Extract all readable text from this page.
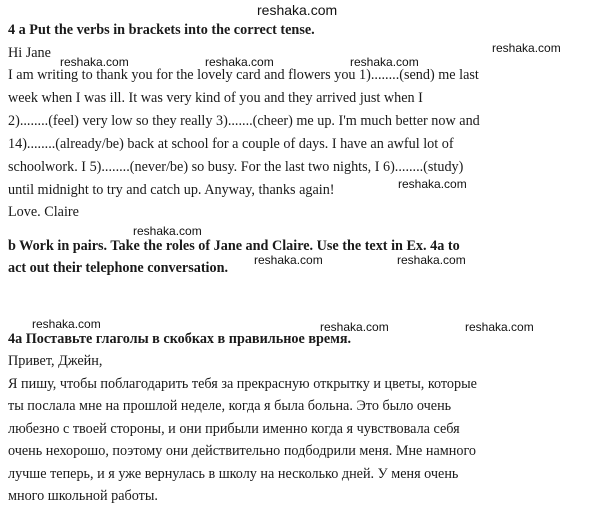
reshaka.com
4 a Put the verbs in brackets into the correct tense.
Hi Jane
I am writing to thank you for the lovely card and flowers you 1)........(send) me last
week when I was ill. It was very kind of you and they arrived just when I
2)........(feel) very low so they really 3).......(cheer) me up. I'm much better now and
14)........(already/be) back at school for a couple of days. I have an awful lot of
schoolwork. I 5)........(never/be) so busy. For the last two nights, I 6)........(study)
until midnight to try and catch up. Anyway, thanks again!
Love. Claire
b Work in pairs. Take the roles of Jane and Claire. Use the text in Ex. 4a to
act out their telephone conversation.
4a Поставьте глаголы в скобках в правильное время.
Привет, Джейн,
Я пишу, чтобы поблагодарить тебя за прекрасную открытку и цветы, которые
ты послала мне на прошлой неделе, когда я была больна. Это было очень
любезно с твоей стороны, и они прибыли именно когда я чувствовала себя
очень нехорошо, поэтому они действительно подбодрили меня. Мне намного
лучше теперь, и я уже вернулась в школу на несколько дней. У меня очень
много школьной работы.
reshaka.com
reshaka.com	reshaka.com	reshaka.com
reshaka.com
reshaka.com
reshaka.com	reshaka.com
reshaka.com	reshaka.com	reshaka.com
